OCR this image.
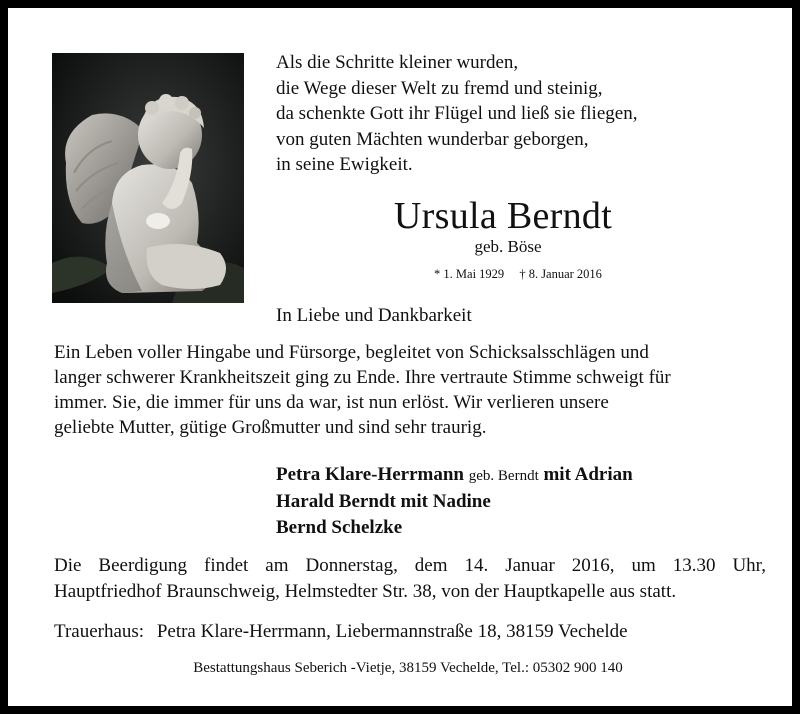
Als die Schritte kleiner wurden,
die Wege dieser Welt zu fremd und steinig,
da schenkte Gott ihr Flügel und ließ sie fliegen,
von guten Mächten wunderbar geborgen,
in seine Ewigkeit.
Ursula Berndt
geb. Böse
* 1. Mai 1929 † 8. Januar 2016
In Liebe und Dankbarkeit
Ein Leben voller Hingabe und Fürsorge, begleitet von Schicksalsschlägen und
langer schwerer Krankheitszeit ging zu Ende. Ihre vertraute Stimme schweigt für
immer. Sie, die immer für uns da war, ist nun erlöst. Wir verlieren unsere
geliebte Mutter, gütige Großmutter und sind sehr traurig.
Petra Klare-Herrmann geb. Berndt mit Adrian
Harald Berndt mit Nadine
Bernd Schelzke
Die Beerdigung findet am Donnerstag, dem 14. Januar 2016, um 13.30 Uhr,
Hauptfriedhof Braunschweig, Helmstedter Str. 38, von der Hauptkapelle aus statt.
Trauerhaus: Petra Klare-Herrmann, Liebermannstraße 18, 38159 Vechelde
Bestattungshaus Seberich -Vietje, 38159 Vechelde, Tel.: 05302 900 140
